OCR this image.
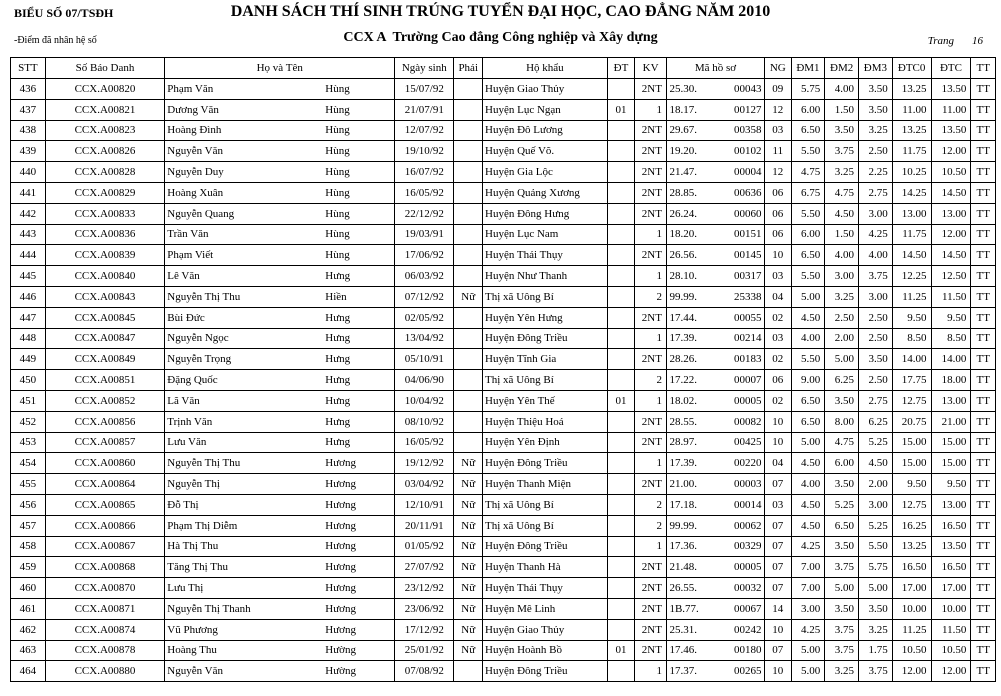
BIỂU SỐ 07/TSĐH	DANH SÁCH THÍ SINH TRÚNG TUYỂN ĐẠI HỌC, CAO ĐẲNG NĂM 2010
-Điểm đã nhân hệ số	CCX A Trường Cao đẳng Công nghiệp và Xây dựng	Trang 16
STT	Số Báo Danh	Họ và Tên	Ngày sinh	Phái	Hộ khẩu	ĐT	KV	Mã hồ sơ	NG	ĐM1	ĐM2	ĐM3	ĐTC0	ĐTC	TT
436	CCX.A00820	Phạm Văn Hùng	15/07/92		Huyện Giao Thủy		2NT	25.30. 00043	09	5.75	4.00	3.50	13.25	13.50	TT
437	CCX.A00821	Dương Văn Hùng	21/07/91		Huyện Lục Ngạn	01	1	18.17. 00127	12	6.00	1.50	3.50	11.00	11.00	TT
438	CCX.A00823	Hoàng Đình Hùng	12/07/92		Huyện Đô Lương		2NT	29.67. 00358	03	6.50	3.50	3.25	13.25	13.50	TT
439	CCX.A00826	Nguyễn Văn Hùng	19/10/92		Huyện Quế Võ.		2NT	19.20. 00102	11	5.50	3.75	2.50	11.75	12.00	TT
440	CCX.A00828	Nguyễn Duy Hùng	16/07/92		Huyện Gia Lộc		2NT	21.47. 00004	12	4.75	3.25	2.25	10.25	10.50	TT
441	CCX.A00829	Hoàng Xuân Hùng	16/05/92		Huyện Quảng Xương		2NT	28.85. 00636	06	6.75	4.75	2.75	14.25	14.50	TT
442	CCX.A00833	Nguyễn Quang Hùng	22/12/92		Huyện Đông Hưng		2NT	26.24. 00060	06	5.50	4.50	3.00	13.00	13.00	TT
443	CCX.A00836	Trần Văn Hùng	19/03/91		Huyện Lục Nam		1	18.20. 00151	06	6.00	1.50	4.25	11.75	12.00	TT
444	CCX.A00839	Phạm Viết Hùng	17/06/92		Huyện Thái Thụy		2NT	26.56. 00145	10	6.50	4.00	4.00	14.50	14.50	TT
445	CCX.A00840	Lê Văn Hưng	06/03/92		Huyện Như Thanh		1	28.10. 00317	03	5.50	3.00	3.75	12.25	12.50	TT
446	CCX.A00843	Nguyễn Thị Thu Hiền	07/12/92	Nữ	Thị xã Uông Bí		2	99.99. 25338	04	5.00	3.25	3.00	11.25	11.50	TT
447	CCX.A00845	Bùi Đức Hưng	02/05/92		Huyện Yên Hưng		2NT	17.44. 00055	02	4.50	2.50	2.50	9.50	9.50	TT
448	CCX.A00847	Nguyễn Ngọc Hưng	13/04/92		Huyện Đông Triều		1	17.39. 00214	03	4.00	2.00	2.50	8.50	8.50	TT
449	CCX.A00849	Nguyễn Trọng Hưng	05/10/91		Huyện Tĩnh Gia		2NT	28.26. 00183	02	5.50	5.00	3.50	14.00	14.00	TT
450	CCX.A00851	Đặng Quốc Hưng	04/06/90		Thị xã Uông Bí		2	17.22. 00007	06	9.00	6.25	2.50	17.75	18.00	TT
451	CCX.A00852	Lã Văn Hưng	10/04/92		Huyện Yên Thế	01	1	18.02. 00005	02	6.50	3.50	2.75	12.75	13.00	TT
452	CCX.A00856	Trịnh Văn Hưng	08/10/92		Huyện Thiệu Hoá		2NT	28.55. 00082	10	6.50	8.00	6.25	20.75	21.00	TT
453	CCX.A00857	Lưu Văn Hưng	16/05/92		Huyện Yên Định		2NT	28.97. 00425	10	5.00	4.75	5.25	15.00	15.00	TT
454	CCX.A00860	Nguyễn Thị Thu Hương	19/12/92	Nữ	Huyện Đông Triều		1	17.39. 00220	04	4.50	6.00	4.50	15.00	15.00	TT
455	CCX.A00864	Nguyễn Thị Hương	03/04/92	Nữ	Huyện Thanh Miện		2NT	21.00. 00003	07	4.00	3.50	2.00	9.50	9.50	TT
456	CCX.A00865	Đỗ Thị Hương	12/10/91	Nữ	Thị xã Uông Bí		2	17.18. 00014	03	4.50	5.25	3.00	12.75	13.00	TT
457	CCX.A00866	Phạm Thị Diễm Hương	20/11/91	Nữ	Thị xã Uông Bí		2	99.99. 00062	07	4.50	6.50	5.25	16.25	16.50	TT
458	CCX.A00867	Hà Thị Thu Hương	01/05/92	Nữ	Huyện Đông Triều		1	17.36. 00329	07	4.25	3.50	5.50	13.25	13.50	TT
459	CCX.A00868	Tăng Thị Thu Hương	27/07/92	Nữ	Huyện Thanh Hà		2NT	21.48. 00005	07	7.00	3.75	5.75	16.50	16.50	TT
460	CCX.A00870	Lưu Thị Hương	23/12/92	Nữ	Huyện Thái Thụy		2NT	26.55. 00032	07	7.00	5.00	5.00	17.00	17.00	TT
461	CCX.A00871	Nguyễn Thị Thanh Hương	23/06/92	Nữ	Huyện Mê Linh		2NT	1B.77. 00067	14	3.00	3.50	3.50	10.00	10.00	TT
462	CCX.A00874	Vũ Phương Hương	17/12/92	Nữ	Huyện Giao Thủy		2NT	25.31. 00242	10	4.25	3.75	3.25	11.25	11.50	TT
463	CCX.A00878	Hoàng Thu Hường	25/01/92	Nữ	Huyện Hoành Bồ	01	2NT	17.46. 00180	07	5.00	3.75	1.75	10.50	10.50	TT
464	CCX.A00880	Nguyễn Văn Hường	07/08/92		Huyện Đông Triều		1	17.37. 00265	10	5.00	3.25	3.75	12.00	12.00	TT
